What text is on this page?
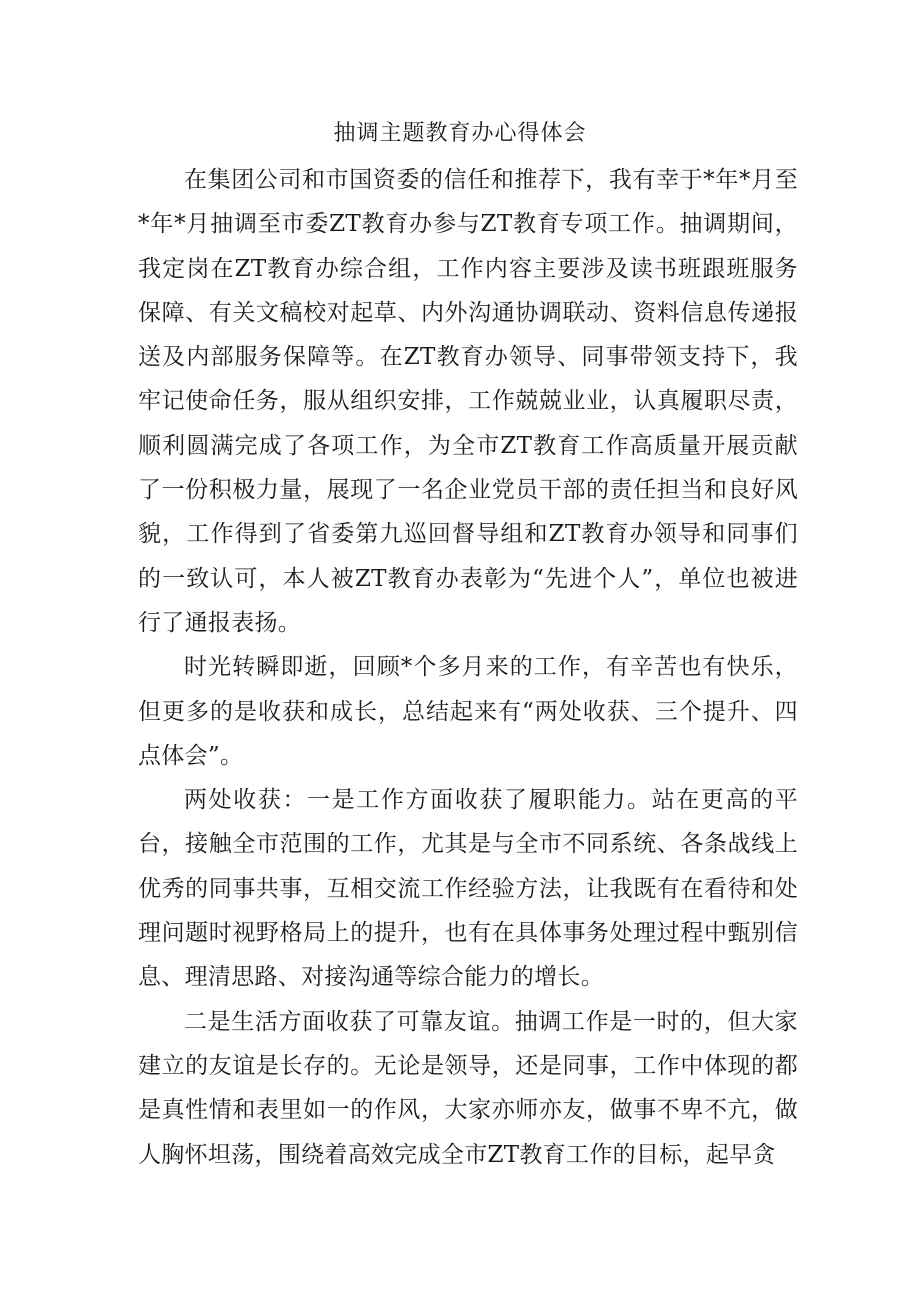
抽调主题教育办心得体会

在集团公司和市国资委的信任和推荐下，我有幸于*年*月至*年*月抽调至市委ZT教育办参与ZT教育专项工作。抽调期间，我定岗在ZT教育办综合组，工作内容主要涉及读书班跟班服务保障、有关文稿校对起草、内外沟通协调联动、资料信息传递报送及内部服务保障等。在ZT教育办领导、同事带领支持下，我牢记使命任务，服从组织安排，工作兢兢业业，认真履职尽责，顺利圆满完成了各项工作，为全市ZT教育工作高质量开展贡献了一份积极力量，展现了一名企业党员干部的责任担当和良好风貌，工作得到了省委第九巡回督导组和ZT教育办领导和同事们的一致认可，本人被ZT教育办表彰为“先进个人”，单位也被进行了通报表扬。

时光转瞬即逝，回顾*个多月来的工作，有辛苦也有快乐，但更多的是收获和成长，总结起来有“两处收获、三个提升、四点体会”。

两处收获：一是工作方面收获了履职能力。站在更高的平台，接触全市范围的工作，尤其是与全市不同系统、各条战线上优秀的同事共事，互相交流工作经验方法，让我既有在看待和处理问题时视野格局上的提升，也有在具体事务处理过程中甄别信息、理清思路、对接沟通等综合能力的增长。

二是生活方面收获了可靠友谊。抽调工作是一时的，但大家建立的友谊是长存的。无论是领导，还是同事，工作中体现的都是真性情和表里如一的作风，大家亦师亦友，做事不卑不亢，做人胸怀坦荡，围绕着高效完成全市ZT教育工作的目标，起早贪
